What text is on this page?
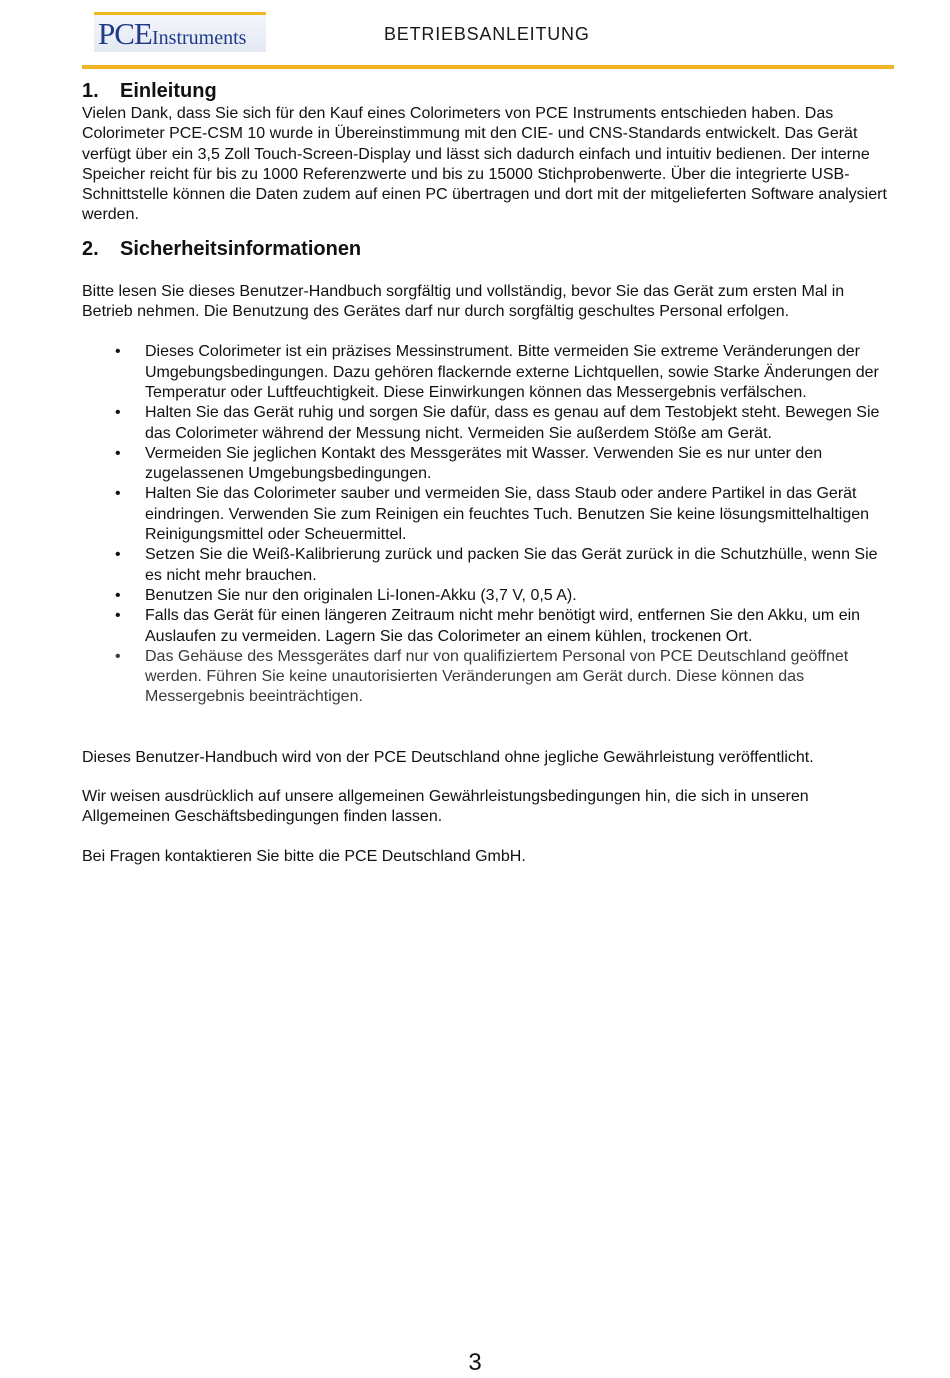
PCE Instruments	BETRIEBSANLEITUNG
1. Einleitung

Vielen Dank, dass Sie sich für den Kauf eines Colorimeters von PCE Instruments entschieden haben. Das Colorimeter PCE-CSM 10 wurde in Übereinstimmung mit den CIE- und CNS-Standards entwickelt. Das Gerät verfügt über ein 3,5 Zoll Touch-Screen-Display und lässt sich dadurch einfach und intuitiv bedienen. Der interne Speicher reicht für bis zu 1000 Referenzwerte und bis zu 15000 Stichprobenwerte. Über die integrierte USB-Schnittstelle können die Daten zudem auf einen PC übertragen und dort mit der mitgelieferten Software analysiert werden.

2. Sicherheitsinformationen

Bitte lesen Sie dieses Benutzer-Handbuch sorgfältig und vollständig, bevor Sie das Gerät zum ersten Mal in Betrieb nehmen. Die Benutzung des Gerätes darf nur durch sorgfältig geschultes Personal erfolgen.

• Dieses Colorimeter ist ein präzises Messinstrument. Bitte vermeiden Sie extreme Veränderungen der Umgebungsbedingungen. Dazu gehören flackernde externe Lichtquellen, sowie Starke Änderungen der Temperatur oder Luftfeuchtigkeit. Diese Einwirkungen können das Messergebnis verfälschen.
• Halten Sie das Gerät ruhig und sorgen Sie dafür, dass es genau auf dem Testobjekt steht. Bewegen Sie das Colorimeter während der Messung nicht. Vermeiden Sie außerdem Stöße am Gerät.
• Vermeiden Sie jeglichen Kontakt des Messgerätes mit Wasser. Verwenden Sie es nur unter den zugelassenen Umgebungsbedingungen.
• Halten Sie das Colorimeter sauber und vermeiden Sie, dass Staub oder andere Partikel in das Gerät eindringen. Verwenden Sie zum Reinigen ein feuchtes Tuch. Benutzen Sie keine lösungsmittelhaltigen Reinigungsmittel oder Scheuermittel.
• Setzen Sie die Weiß-Kalibrierung zurück und packen Sie das Gerät zurück in die Schutzhülle, wenn Sie es nicht mehr brauchen.
• Benutzen Sie nur den originalen Li-Ionen-Akku (3,7 V, 0,5 A).
• Falls das Gerät für einen längeren Zeitraum nicht mehr benötigt wird, entfernen Sie den Akku, um ein Auslaufen zu vermeiden. Lagern Sie das Colorimeter an einem kühlen, trockenen Ort.
• Das Gehäuse des Messgerätes darf nur von qualifiziertem Personal von PCE Deutschland geöffnet werden. Führen Sie keine unautorisierten Veränderungen am Gerät durch. Diese können das Messergebnis beeinträchtigen.

Dieses Benutzer-Handbuch wird von der PCE Deutschland ohne jegliche Gewährleistung veröffentlicht.

Wir weisen ausdrücklich auf unsere allgemeinen Gewährleistungsbedingungen hin, die sich in unseren Allgemeinen Geschäftsbedingungen finden lassen.

Bei Fragen kontaktieren Sie bitte die PCE Deutschland GmbH.

3
